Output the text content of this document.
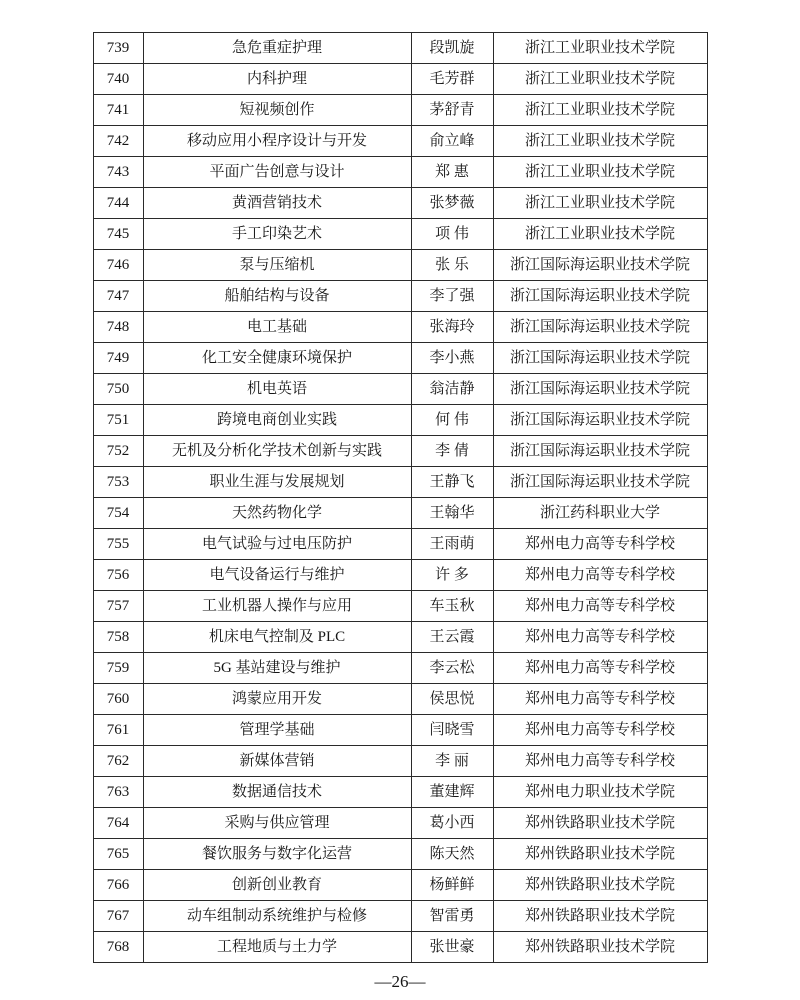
739	急危重症护理	段凯旋	浙江工业职业技术学院
740	内科护理	毛芳群	浙江工业职业技术学院
741	短视频创作	茅舒青	浙江工业职业技术学院
742	移动应用小程序设计与开发	俞立峰	浙江工业职业技术学院
743	平面广告创意与设计	郑 惠	浙江工业职业技术学院
744	黄酒营销技术	张梦薇	浙江工业职业技术学院
745	手工印染艺术	项 伟	浙江工业职业技术学院
746	泵与压缩机	张 乐	浙江国际海运职业技术学院
747	船舶结构与设备	李了强	浙江国际海运职业技术学院
748	电工基础	张海玲	浙江国际海运职业技术学院
749	化工安全健康环境保护	李小燕	浙江国际海运职业技术学院
750	机电英语	翁洁静	浙江国际海运职业技术学院
751	跨境电商创业实践	何 伟	浙江国际海运职业技术学院
752	无机及分析化学技术创新与实践	李 倩	浙江国际海运职业技术学院
753	职业生涯与发展规划	王静飞	浙江国际海运职业技术学院
754	天然药物化学	王翰华	浙江药科职业大学
755	电气试验与过电压防护	王雨萌	郑州电力高等专科学校
756	电气设备运行与维护	许 多	郑州电力高等专科学校
757	工业机器人操作与应用	车玉秋	郑州电力高等专科学校
758	机床电气控制及 PLC	王云霞	郑州电力高等专科学校
759	5G 基站建设与维护	李云松	郑州电力高等专科学校
760	鸿蒙应用开发	侯思悦	郑州电力高等专科学校
761	管理学基础	闫晓雪	郑州电力高等专科学校
762	新媒体营销	李 丽	郑州电力高等专科学校
763	数据通信技术	董建辉	郑州电力职业技术学院
764	采购与供应管理	葛小西	郑州铁路职业技术学院
765	餐饮服务与数字化运营	陈天然	郑州铁路职业技术学院
766	创新创业教育	杨鲜鲜	郑州铁路职业技术学院
767	动车组制动系统维护与检修	智雷勇	郑州铁路职业技术学院
768	工程地质与土力学	张世豪	郑州铁路职业技术学院
—26—
